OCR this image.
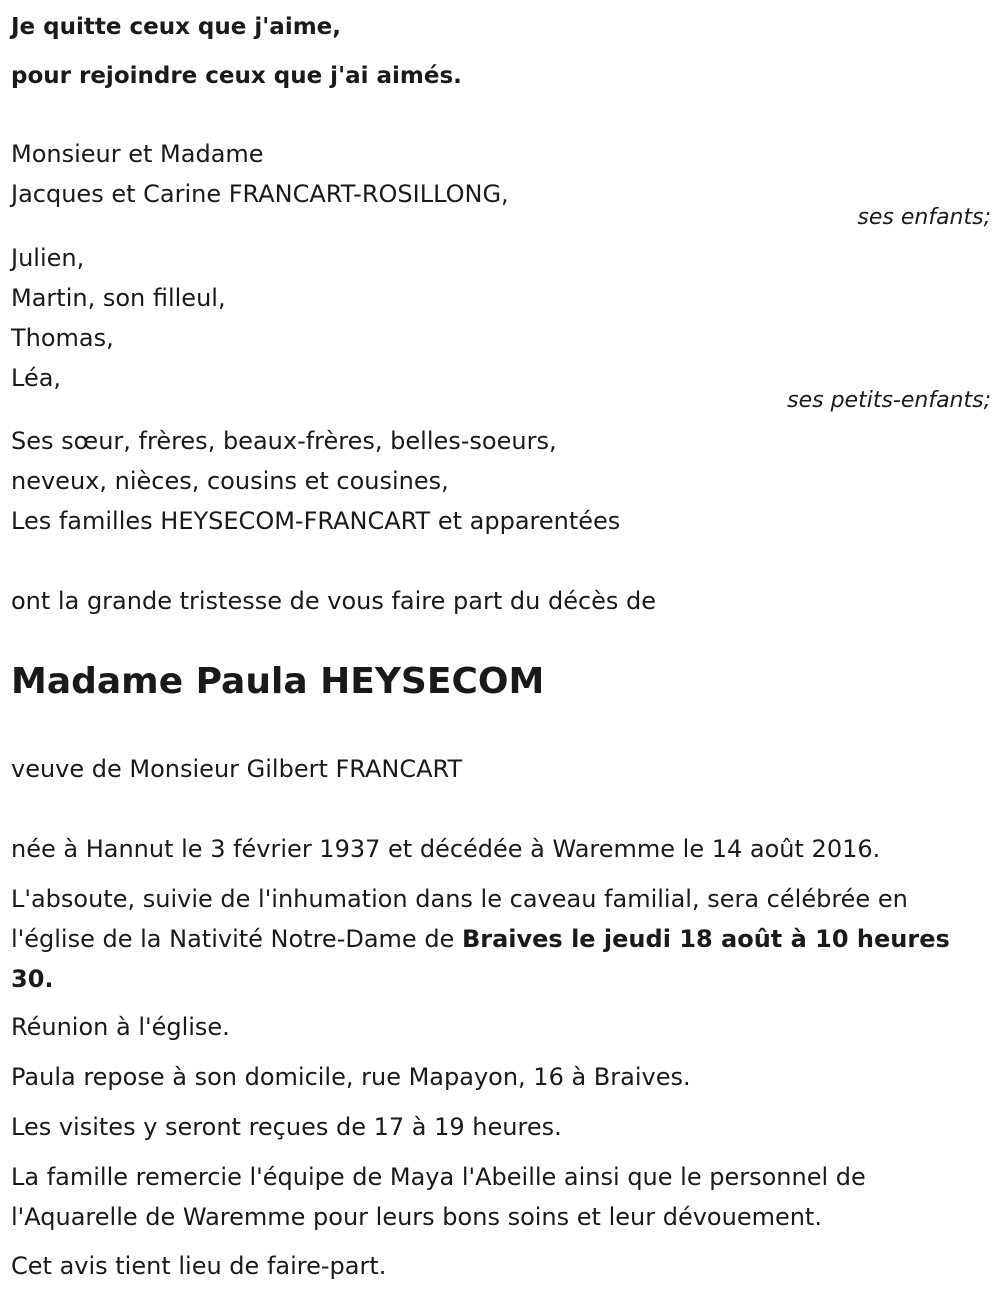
Je quitte ceux que j'aime,
pour rejoindre ceux que j'ai aimés.
Monsieur et Madame
Jacques et Carine FRANCART-ROSILLONG,
ses enfants;
Julien,
Martin, son filleul,
Thomas,
Léa,
ses petits-enfants;
Ses sœur, frères, beaux-frères, belles-soeurs,
neveux, nièces, cousins et cousines,
Les familles HEYSECOM-FRANCART et apparentées
ont la grande tristesse de vous faire part du décès de
Madame Paula HEYSECOM
veuve de Monsieur Gilbert FRANCART
née à Hannut le 3 février 1937 et décédée à Waremme le 14 août 2016.
L'absoute, suivie de l'inhumation dans le caveau familial, sera célébrée en l'église de la Nativité Notre-Dame de Braives le jeudi 18 août à 10 heures 30.
Réunion à l'église.
Paula repose à son domicile, rue Mapayon, 16 à Braives.
Les visites y seront reçues de 17 à 19 heures.
La famille remercie l'équipe de Maya l'Abeille ainsi que le personnel de l'Aquarelle de Waremme pour leurs bons soins et leur dévouement.
Cet avis tient lieu de faire-part.
